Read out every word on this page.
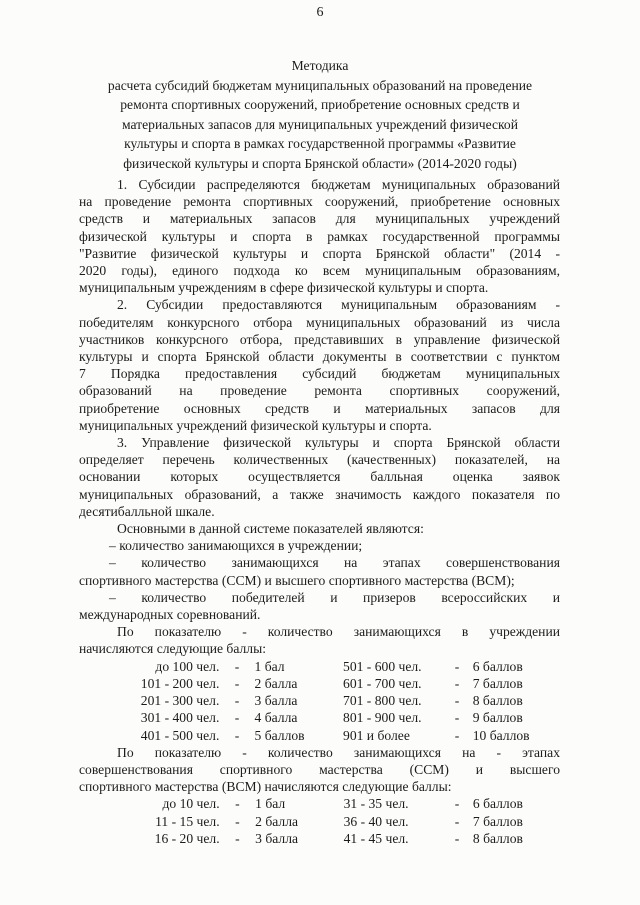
6
Методика
расчета субсидий бюджетам муниципальных образований на проведение
ремонта спортивных сооружений, приобретение основных средств и
материальных запасов для муниципальных учреждений физической
культуры и спорта в рамках государственной программы «Развитие
физической культуры и спорта Брянской области» (2014-2020 годы)

1. Субсидии распределяются бюджетам муниципальных образований
на проведение ремонта спортивных сооружений, приобретение основных
средств и материальных запасов для муниципальных учреждений
физической культуры и спорта в рамках государственной программы
"Развитие физической культуры и спорта Брянской области" (2014 -
2020 годы), единого подхода ко всем муниципальным образованиям,
муниципальным учреждениям в сфере физической культуры и спорта.

2. Субсидии предоставляются муниципальным образованиям -
победителям конкурсного отбора муниципальных образований из числа
участников конкурсного отбора, представивших в управление физической
культуры и спорта Брянской области документы в соответствии с пунктом
7 Порядка предоставления субсидий бюджетам муниципальных
образований на проведение ремонта спортивных сооружений,
приобретение основных средств и материальных запасов для
муниципальных учреждений физической культуры и спорта.

3. Управление физической культуры и спорта Брянской области
определяет перечень количественных (качественных) показателей, на
основании которых осуществляется балльная оценка заявок
муниципальных образований, а также значимость каждого показателя по
десятибалльной шкале.

Основными в данной системе показателей являются:

– количество занимающихся в учреждении;

– количество занимающихся на этапах совершенствования
спортивного мастерства (ССМ) и высшего спортивного мастерства (ВСМ);

– количество победителей и призеров всероссийских и
международных соревнований.

По показателю - количество занимающихся в учреждении
начисляются следующие баллы:

до 100 чел.	-	1 бал	501 - 600 чел.	-	6 баллов
101 - 200 чел.	-	2 балла	601 - 700 чел.	-	7 баллов
201 - 300 чел.	-	3 балла	701 - 800 чел.	-	8 баллов
301 - 400 чел.	-	4 балла	801 - 900 чел.	-	9 баллов
401 - 500 чел.	-	5 баллов	901 и более	-	10 баллов

По показателю - количество занимающихся на - этапах
совершенствования спортивного мастерства (ССМ) и высшего
спортивного мастерства (ВСМ) начисляются следующие баллы:

до 10 чел.	-	1 бал	31 - 35 чел.	-	6 баллов
11 - 15 чел.	-	2 балла	36 - 40 чел.	-	7 баллов
16 - 20 чел.	-	3 балла	41 - 45 чел.	-	8 баллов
